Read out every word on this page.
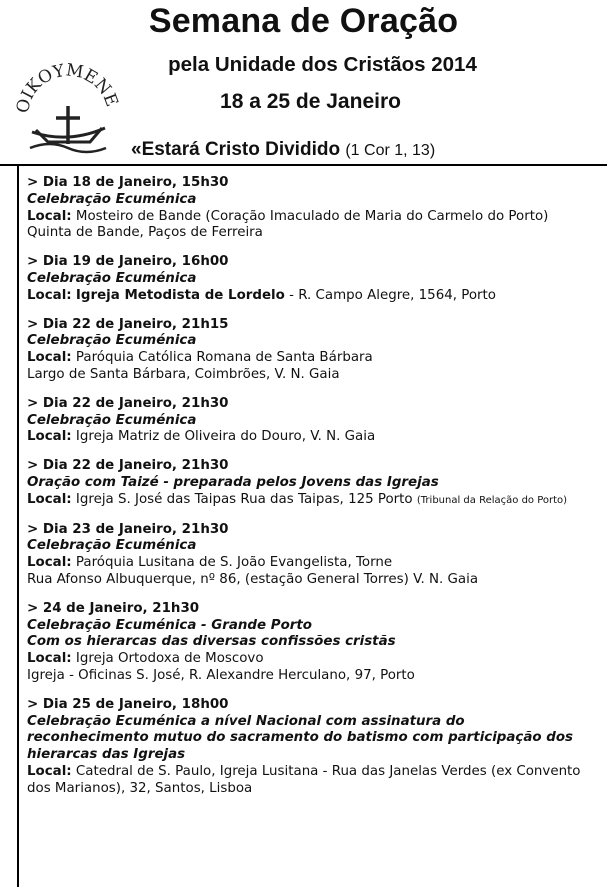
OIKOYMENE
Semana de Oração
pela Unidade dos Cristãos 2014
18 a 25 de Janeiro
«Estará Cristo Dividido (1 Cor 1, 13)
> Dia 18 de Janeiro, 15h30
Celebração Ecuménica
Local: Mosteiro de Bande (Coração Imaculado de Maria do Carmelo do Porto)
Quinta de Bande, Paços de Ferreira
> Dia 19 de Janeiro, 16h00
Celebração Ecuménica
Local: Igreja Metodista de Lordelo - R. Campo Alegre, 1564, Porto
> Dia 22 de Janeiro, 21h15
Celebração Ecuménica
Local: Paróquia Católica Romana de Santa Bárbara
Largo de Santa Bárbara, Coimbrões, V. N. Gaia
> Dia 22 de Janeiro, 21h30
Celebração Ecuménica
Local: Igreja Matriz de Oliveira do Douro, V. N. Gaia
> Dia 22 de Janeiro, 21h30
Oração com Taizé - preparada pelos Jovens das Igrejas
Local: Igreja S. José das Taipas Rua das Taipas, 125 Porto (Tribunal da Relação do Porto)
> Dia 23 de Janeiro, 21h30
Celebração Ecuménica
Local: Paróquia Lusitana de S. João Evangelista, Torne
Rua Afonso Albuquerque, nº 86, (estação General Torres) V. N. Gaia
> 24 de Janeiro, 21h30
Celebração Ecuménica - Grande Porto
Com os hierarcas das diversas confissões cristãs
Local: Igreja Ortodoxa de Moscovo
Igreja - Oficinas S. José, R. Alexandre Herculano, 97, Porto
> Dia 25 de Janeiro, 18h00
Celebração Ecuménica a nível Nacional com assinatura do
reconhecimento mutuo do sacramento do batismo com participação dos
hierarcas das Igrejas
Local: Catedral de S. Paulo, Igreja Lusitana - Rua das Janelas Verdes (ex Convento dos Marianos), 32, Santos, Lisboa
